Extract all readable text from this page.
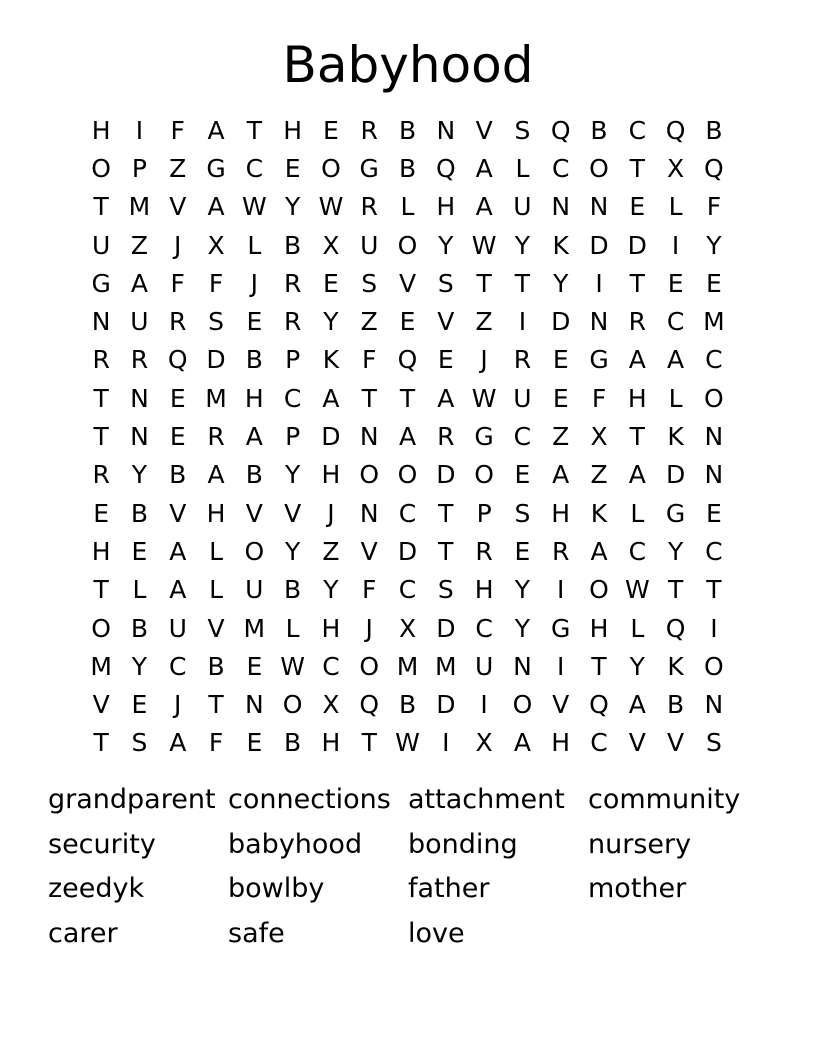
Babyhood
H	I	F A T H E R B N V S Q B C Q B
O P Z G C E O G B Q A L C O T X Q
T M V A W Y W R L H A U N N E L F
U Z	J	X L B X U O Y W Y K D D I	Y
G A F F	J	R E S V S T T Y	I	T E E
N U R S E R Y Z E V Z	I D N R C M
R R Q D B P K F Q E	J	R E G A A C
T N E M H C A T T A W U E F H L O
T N E R A P D N A R G C Z X T K N
R Y B A B Y H O O D O E A Z A D N
E B V H V V	J	N C T P S H K L G E
H E A L O Y Z V D T R E R A C Y C
T L A L U B Y F C S H Y	I O W T T
O B U V M L H	J	X D C Y G H L Q I
M Y C B E W C O M M U N	I	T Y K O
V E	J	T N O X Q B D I O V Q A B N
T S A F E B H T W I	X A H C V V S
grandparent connections attachment community
security	babyhood	bonding	nursery
zeedyk	bowlby	father	mother
carer	safe	love
